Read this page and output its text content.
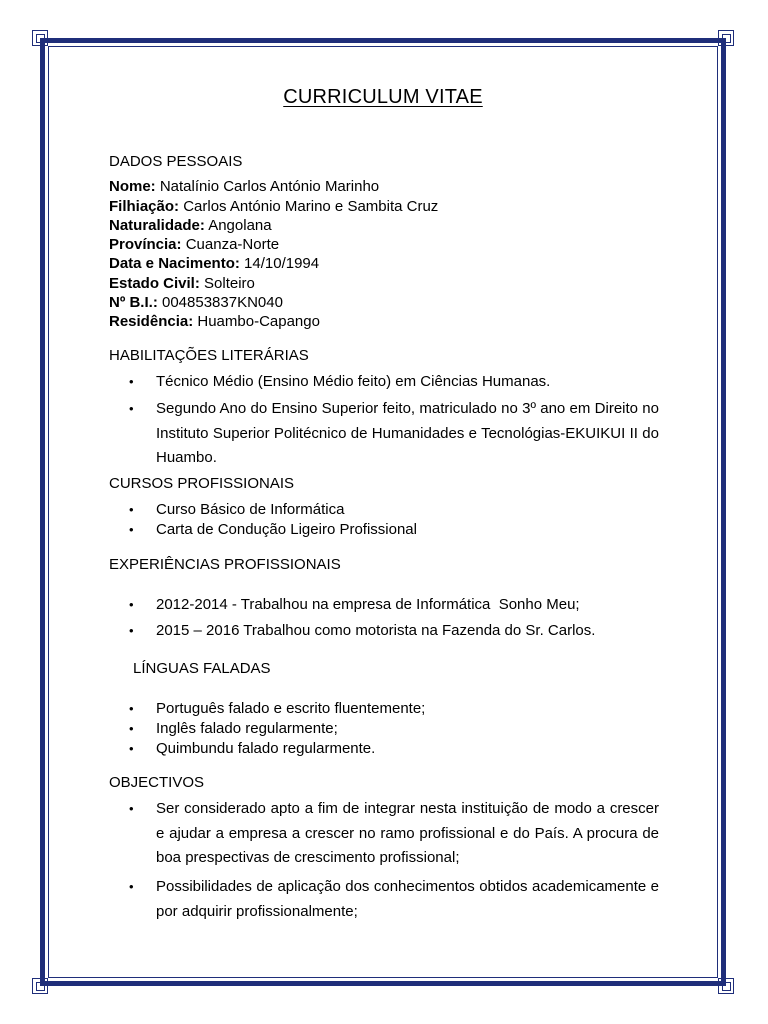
CURRICULUM VITAE
DADOS PESSOAIS
Nome: Natalínio Carlos António Marinho
Filhiação: Carlos António Marino e Sambita Cruz
Naturalidade: Angolana
Província: Cuanza-Norte
Data e Nacimento: 14/10/1994
Estado Civil: Solteiro
Nº B.I.: 004853837KN040
Residência: Huambo-Capango
HABILITAÇÕES LITERÁRIAS
• Técnico Médio (Ensino Médio feito) em Ciências Humanas.
• Segundo Ano do Ensino Superior feito, matriculado no 3º ano em Direito no Instituto Superior Politécnico de Humanidades e Tecnológias-EKUIKUI II do Huambo.
CURSOS PROFISSIONAIS
• Curso Básico de Informática
• Carta de Condução Ligeiro Profissional
EXPERIÊNCIAS PROFISSIONAIS
• 2012-2014 - Trabalhou na empresa de Informática  Sonho Meu;
• 2015 – 2016 Trabalhou como motorista na Fazenda do Sr. Carlos.
LÍNGUAS FALADAS
• Português falado e escrito fluentemente;
• Inglês falado regularmente;
• Quimbundu falado regularmente.
OBJECTIVOS
• Ser considerado apto a fim de integrar nesta instituição de modo a crescer e ajudar a empresa a crescer no ramo profissional e do País. A procura de boa prespectivas de crescimento profissional;
• Possibilidades de aplicação dos conhecimentos obtidos academicamente e por adquirir profissionalmente;
